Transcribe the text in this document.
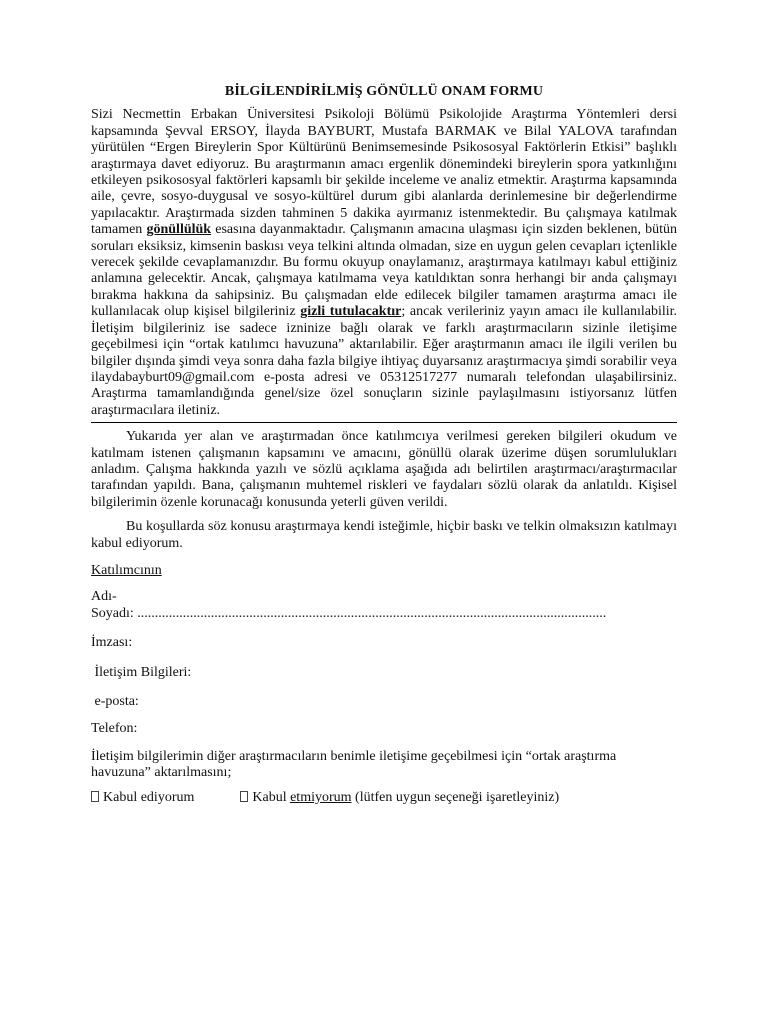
BİLGİLENDİRİLMİŞ GÖNÜLLÜ ONAM FORMU

Sizi Necmettin Erbakan Üniversitesi Psikoloji Bölümü Psikolojide Araştırma Yöntemleri dersi kapsamında Şevval ERSOY, İlayda BAYBURT, Mustafa BARMAK ve Bilal YALOVA tarafından yürütülen “Ergen Bireylerin Spor Kültürünü Benimsemesinde Psikososyal Faktörlerin Etkisi” başlıklı araştırmaya davet ediyoruz. Bu araştırmanın amacı ergenlik dönemindeki bireylerin spora yatkınlığını etkileyen psikososyal faktörleri kapsamlı bir şekilde inceleme ve analiz etmektir. Araştırma kapsamında aile, çevre, sosyo-duygusal ve sosyo-kültürel durum gibi alanlarda derinlemesine bir değerlendirme yapılacaktır. Araştırmada sizden tahminen 5 dakika ayırmanız istenmektedir. Bu çalışmaya katılmak tamamen gönüllülük esasına dayanmaktadır. Çalışmanın amacına ulaşması için sizden beklenen, bütün soruları eksiksiz, kimsenin baskısı veya telkini altında olmadan, size en uygun gelen cevapları içtenlikle verecek şekilde cevaplamanızdır. Bu formu okuyup onaylamanız, araştırmaya katılmayı kabul ettiğiniz anlamına gelecektir. Ancak, çalışmaya katılmama veya katıldıktan sonra herhangi bir anda çalışmayı bırakma hakkına da sahipsiniz. Bu çalışmadan elde edilecek bilgiler tamamen araştırma amacı ile kullanılacak olup kişisel bilgileriniz gizli tutulacaktır; ancak verileriniz yayın amacı ile kullanılabilir. İletişim bilgileriniz ise sadece izninize bağlı olarak ve farklı araştırmacıların sizinle iletişime geçebilmesi için “ortak katılımcı havuzuna” aktarılabilir. Eğer araştırmanın amacı ile ilgili verilen bu bilgiler dışında şimdi veya sonra daha fazla bilgiye ihtiyaç duyarsanız araştırmacıya şimdi sorabilir veya ilaydabayburt09@gmail.com e-posta adresi ve 05312517277 numaralı telefondan ulaşabilirsiniz. Araştırma tamamlandığında genel/size özel sonuçların sizinle paylaşılmasını istiyorsanız lütfen araştırmacılara iletiniz.

Yukarıda yer alan ve araştırmadan önce katılımcıya verilmesi gereken bilgileri okudum ve katılmam istenen çalışmanın kapsamını ve amacını, gönüllü olarak üzerime düşen sorumlulukları anladım. Çalışma hakkında yazılı ve sözlü açıklama aşağıda adı belirtilen araştırmacı/araştırmacılar tarafından yapıldı. Bana, çalışmanın muhtemel riskleri ve faydaları sözlü olarak da anlatıldı. Kişisel bilgilerimin özenle korunacağı konusunda yeterli güven verildi.

Bu koşullarda söz konusu araştırmaya kendi isteğimle, hiçbir baskı ve telkin olmaksızın katılmayı kabul ediyorum.

Katılımcının

Adı-

Soyadı: ......................................................................................................................................

İmzası:

İletişim Bilgileri:

e-posta:

Telefon:

İletişim bilgilerimin diğer araştırmacıların benimle iletişime geçebilmesi için “ortak araştırma havuzuna” aktarılmasını;

Kabul ediyorum	Kabul
etmiyorum
(lütfen uygun seçeneği işaretleyiniz)
